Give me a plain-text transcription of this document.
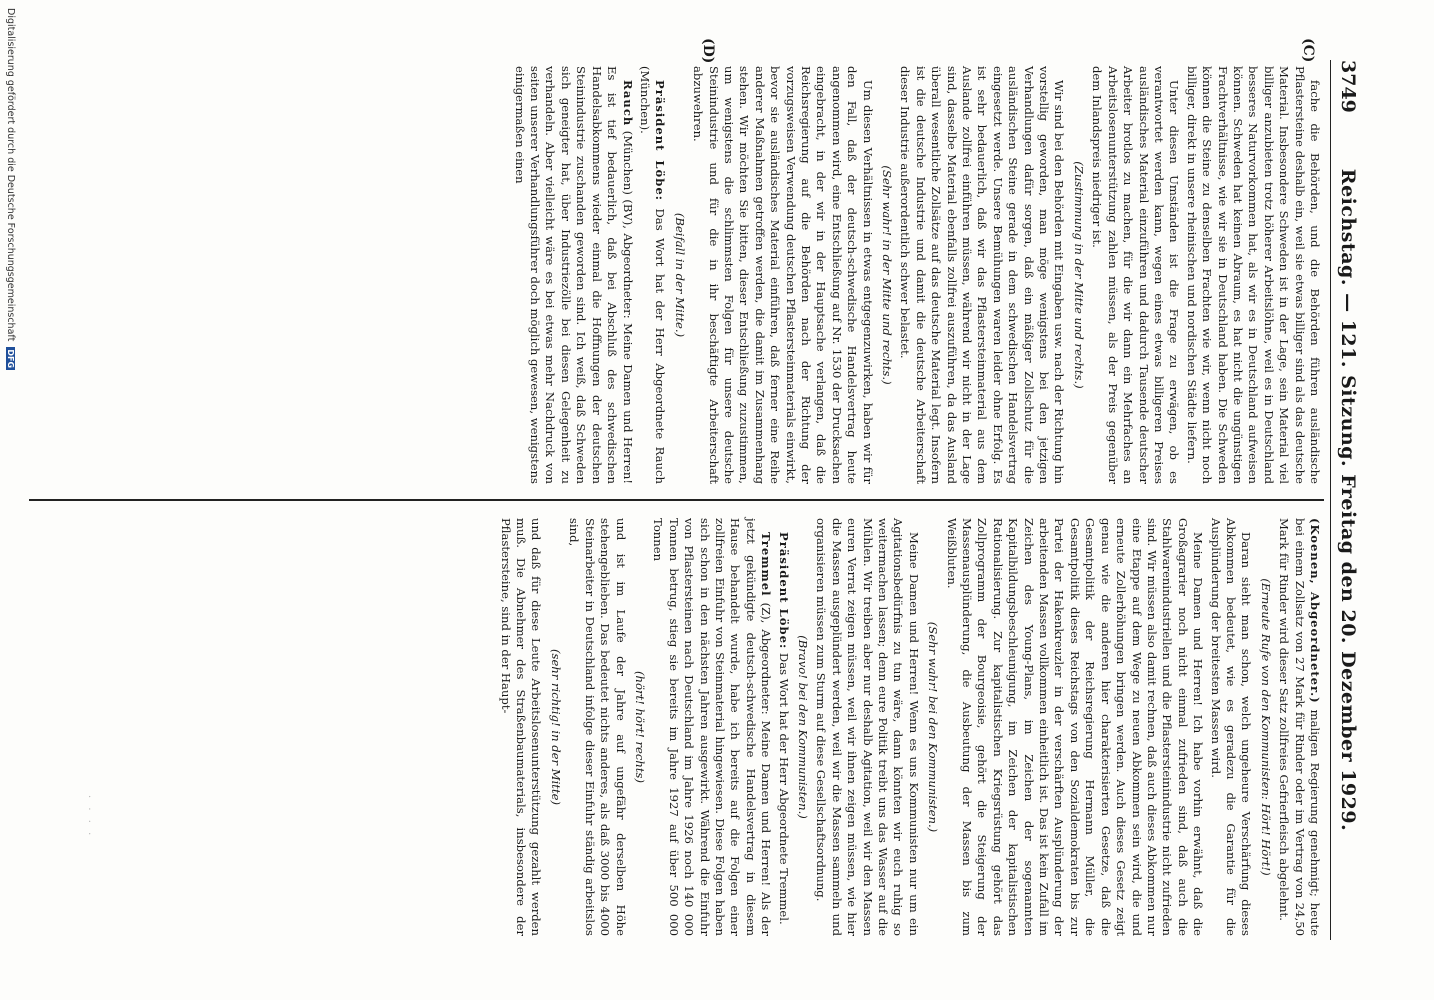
3749
Reichstag. — 121. Sitzung. Freitag den 20. Dezember 1929.
(C)
(D)

fache die Behörden, und die Behörden führen ausländische Pflastersteine deshalb ein, weil sie etwas billiger sind als das deutsche Material. Insbesondere Schweden ist in der Lage, sein Material viel billiger anzubieten trotz höherer Arbeitslöhne, weil es in Deutschland besseres Naturvorkommen hat, als wir es in Deutschland aufweisen können. Schweden hat keinen Abraum, es hat nicht die ungünstigen Frachtverhältnisse, wie wir sie in Deutschland haben. Die Schweden können die Steine zu denselben Frachten wie wir, wenn nicht noch billiger, direkt in unsere rheinischen und nordischen Städte liefern.

Unter diesen Umständen ist die Frage zu erwägen, ob es verantwortet werden kann, wegen eines etwas billigeren Preises ausländisches Material einzuführen und dadurch Tausende deutscher Arbeiter brotlos zu machen, für die wir dann ein Mehrfaches an Arbeitslosenunterstützung zahlen müssen, als der Preis gegenüber dem Inlandspreis niedriger ist.

(Zustimmung in der Mitte und rechts.)

Wir sind bei den Behörden mit Eingaben usw. nach der Richtung hin vorstellig geworden, man möge wenigstens bei den jetzigen Verhandlungen dafür sorgen, daß ein mäßiger Zollschutz für die ausländischen Steine gerade in dem schwedischen Handelsvertrag eingesetzt werde. Unsere Bemühungen waren leider ohne Erfolg. Es ist sehr bedauerlich, daß wir das Pflastersteinmaterial aus dem Auslande zollfrei einführen müssen, während wir nicht in der Lage sind, dasselbe Material ebenfalls zollfrei auszuführen, da das Ausland überall wesentliche Zollsätze auf das deutsche Material legt. Insofern ist die deutsche Industrie und damit die deutsche Arbeiterschaft dieser Industrie außerordentlich schwer belastet.

(Sehr wahr! in der Mitte und rechts.)

Um diesen Verhältnissen in etwas entgegenzuwirken, haben wir für den Fall, daß der deutsch-schwedische Handelsvertrag heute angenommen wird, eine Entschließung auf Nr. 1530 der Drucksachen eingebracht, in der wir in der Hauptsache verlangen, daß die Reichsregierung auf die Behörden nach der Richtung der vorzugsweisen Verwendung deutschen Pflastersteinmaterials einwirkt, bevor sie ausländisches Material einführen, daß ferner eine Reihe anderer Maßnahmen getroffen werden, die damit im Zusammenhang stehen. Wir möchten Sie bitten, dieser Entschließung zuzustimmen, um wenigstens die schlimmsten Folgen für unsere deutsche Steinindustrie und für die in ihr beschäftigte Arbeiterschaft abzuwehren.

(Beifall in der Mitte.)

Präsident Löbe: Das Wort hat der Herr Abgeordnete Rauch (München).

Rauch (München) (BV), Abgeordneter: Meine Damen und Herren! Es ist tief bedauerlich, daß bei Abschluß des schwedischen Handelsabkommens wieder einmal die Hoffnungen der deutschen Steinindustrie zuschanden geworden sind. Ich weiß, daß Schweden sich geneigter hat, über Industriezölle bei diesen Gelegenheit zu verhandeln. Aber vielleicht wäre es bei etwas mehr Nachdruck von seiten unserer Verhandlungsführer doch möglich gewesen, wenigstens einigermaßen einen

(Koenen, Abgeordneter.) maligen Regierung genehmigt; heute bei einem Zollsatz von 27 Mark für Rinder oder im Vertrag von 24,50 Mark für Rinder wird dieser Satz zollfreies Gefrierfleisch abgelehnt.

(Erneute Rufe von den Kommunisten: Hört! Hört!)

Daran sieht man schon, welch ungeheure Verschärfung dieses Abkommen bedeutet, wie es geradezu die Garantie für die Ausplünderung der breitesten Massen wird.

Meine Damen und Herren! Ich habe vorhin erwähnt, daß die Großagrarier noch nicht einmal zufrieden sind, daß auch die Stahlwarenindustriellen und die Pflastersteinindustrie nicht zufrieden sind. Wir müssen also damit rechnen, daß auch dieses Abkommen nur eine Etappe auf dem Wege zu neuen Abkommen sein wird, die und erneute Zollerhöhungen bringen werden. Auch dieses Gesetz zeigt genau wie die anderen hier charakterisierten Gesetze, daß die Gesamtpolitik der Reichsregierung Hermann Müller, die Gesamtpolitik dieses Reichstags von den Sozialdemokraten bis zur Partei der Hakenkreuzler in der verschärften Ausplünderung der arbeitenden Massen vollkommen einheitlich ist. Das ist kein Zufall im Zeichen des Young-Plans, im Zeichen der sogenannten Kapitalbildungsbeschleunigung, im Zeichen der kapitalistischen Rationalisierung. Zur kapitalistischen Kriegsrüstung gehört das Zollprogramm der Bourgeoisie, gehört die Steigerung der Massenausplünderung, die Ausbeutung der Massen bis zum Weißbluten.

(Sehr wahr! bei den Kommunisten.)

Meine Damen und Herren! Wenn es uns Kommunisten nur um ein Agitationsbedürfnis zu tun wäre, dann könnten wir euch ruhig so weitermachen lassen; denn eure Politik treibt uns das Wasser auf die Mühlen. Wir treiben aber nur deshalb Agitation, weil wir den Massen euren Verrat zeigen müssen, weil wir ihnen zeigen müssen, wie hier die Massen ausgeplündert werden, weil wir die Massen sammeln und organisieren müssen zum Sturm auf diese Gesellschaftsordnung.

(Bravo! bei den Kommunisten.)

Präsident Löbe: Das Wort hat der Herr Abgeordnete Tremmel.

Tremmel (Z), Abgeordneter: Meine Damen und Herren! Als der jetzt gekündigte deutsch-schwedische Handelsvertrag in diesem Hause behandelt wurde, habe ich bereits auf die Folgen einer zollfreien Einfuhr von Steinmaterial hingewiesen. Diese Folgen haben sich schon in den nächsten Jahren ausgewirkt. Während die Einfuhr von Pflastersteinen nach Deutschland im Jahre 1926 noch 140 000 Tonnen betrug, stieg sie bereits im Jahre 1927 auf über 500 000 Tonnen

(hört! hört! rechts)

und ist im Laufe der Jahre auf ungefähr derselben Höhe stehengeblieben. Das bedeutet nichts anderes, als daß 3000 bis 4000 Steinarbeiter in Deutschland infolge dieser Einfuhr ständig arbeitslos sind,

(sehr richtig! in der Mitte)

und daß für diese Leute Arbeitslosenunterstützung gezahlt werden muß. Die Abnehmer des Straßenbaumaterials, insbesondere der Pflastersteine, sind in der Haupt-

· · · ·
Digitalisierung gefördert durch die Deutsche Forschungsgemeinschaft DFG
